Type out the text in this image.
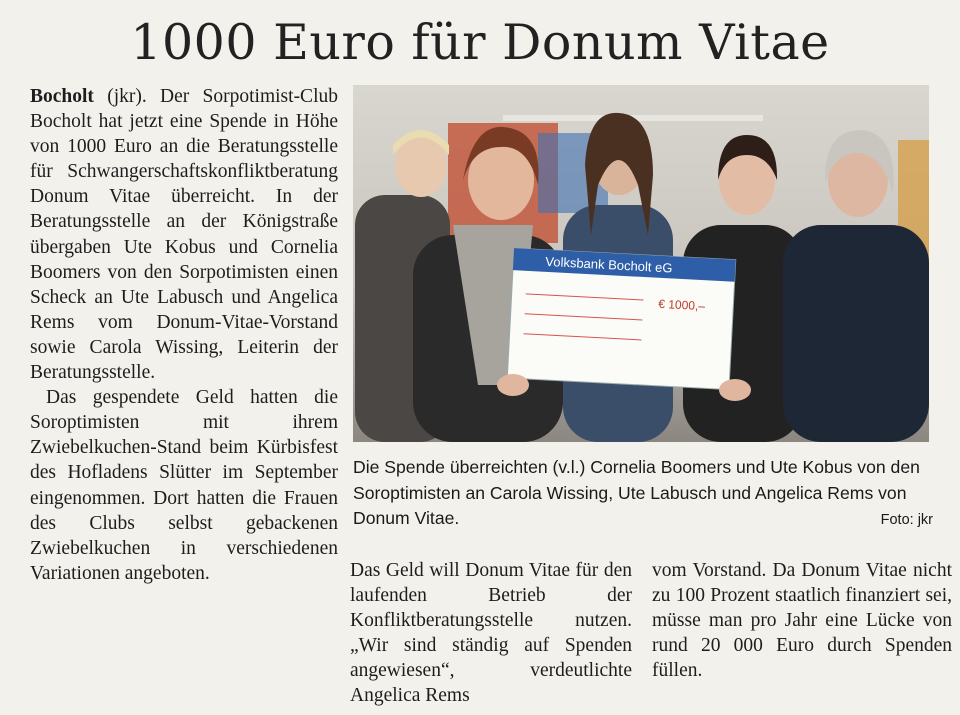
1000 Euro für Donum Vitae

Bocholt (jkr). Der Sorpotimist-Club Bocholt hat jetzt eine Spende in Höhe von 1000 Euro an die Beratungsstelle für Schwangerschaftskonfliktberatung Donum Vitae überreicht. In der Beratungsstelle an der Königstraße übergaben Ute Kobus und Cornelia Boomers von den Sorpotimisten einen Scheck an Ute Labusch und Angelica Rems vom Donum-Vitae-Vorstand sowie Carola Wissing, Leiterin der Beratungsstelle.

Das gespendete Geld hatten die Soroptimisten mit ihrem Zwiebelkuchen-Stand beim Kürbisfest des Hofladens Slütter im September eingenommen. Dort hatten die Frauen des Clubs selbst gebackenen Zwiebelkuchen in verschiedenen Variationen angeboten.

Volksbank Bocholt eG
€ 1000,–
Die Spende überreichten (v.l.) Cornelia Boomers und Ute Kobus von den Soroptimisten an Carola Wissing, Ute Labusch und Angelica Rems von Donum Vitae.	Foto: jkr

Das Geld will Donum Vitae für den laufenden Betrieb der Konfliktberatungsstelle nutzen. „Wir sind ständig auf Spenden angewiesen“, verdeutlichte Angelica Rems

vom Vorstand. Da Donum Vitae nicht zu 100 Prozent staatlich finanziert sei, müsse man pro Jahr eine Lücke von rund 20 000 Euro durch Spenden füllen.
